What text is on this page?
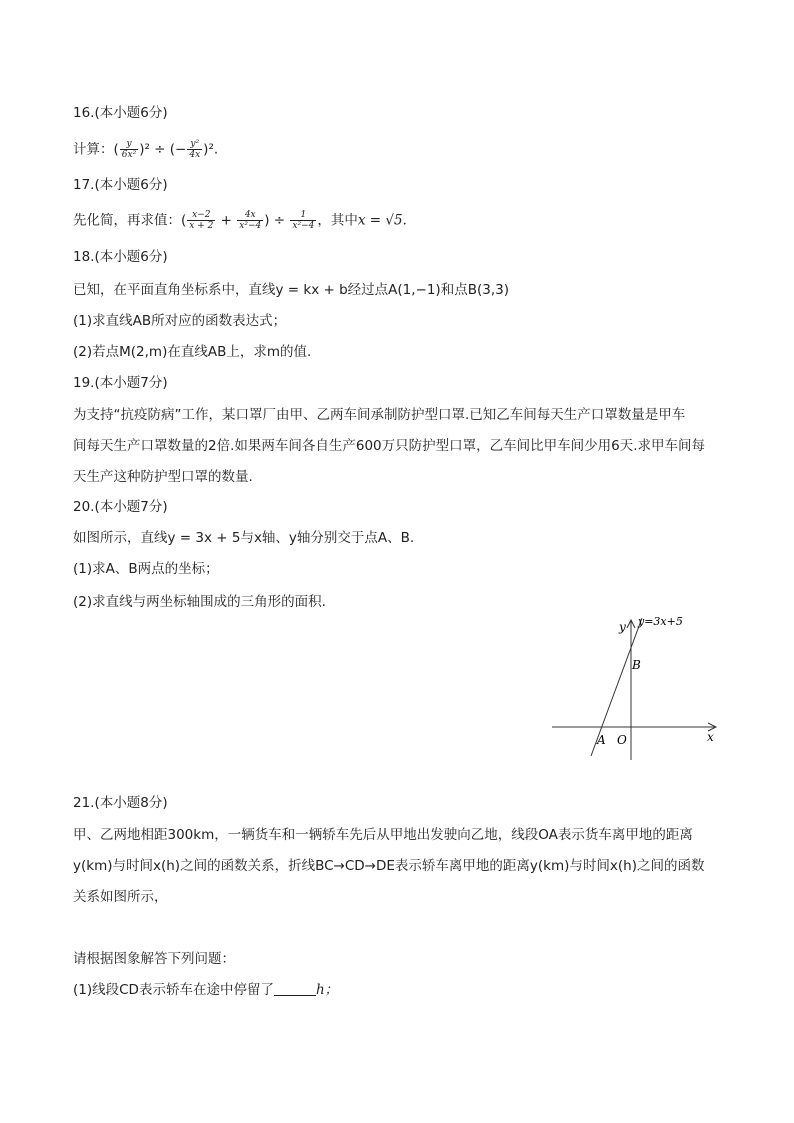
16.(本小题6分)
计算：( $\frac{y}{\text{6x²}} )^2$ ÷ (− $\frac{\text{y²}}{4x} )^2$.
17.(本小题6分)
先化简，再求值：( $\frac{x-2}{x + 2} + \frac{4x}{\text{x²−4}}$ ) ÷ $\frac{1}{\text{x²−4}}$ ，其中x = √5.
18.(本小题6分)
已知，在平面直角坐标系中，直线y = kx + b经过点A(1,−1)和点B(3,3)
(1)求直线AB所对应的函数表达式；
(2)若点M(2,m)在直线AB上，求m的值.
19.(本小题7分)
为支持“抗疫防病”工作，某口罩厂由甲、乙两车间承制防护型口罩.已知乙车间每天生产口罩数量是甲车
间每天生产口罩数量的2倍.如果两车间各自生产600万只防护型口罩，乙车间比甲车间少用6天.求甲车间每
天生产这种防护型口罩的数量.
20.(本小题7分)
如图所示，直线y = 3x + 5与x轴、y轴分别交于点A、B.
(1)求A、B两点的坐标；
(2)求直线与两坐标轴围成的三角形的面积.
y y=3x+5
B
A O	x
21.(本小题8分)
甲、乙两地相距300km，一辆货车和一辆轿车先后从甲地出发驶向乙地，线段OA表示货车离甲地的距离
y(km)与时间x(h)之间的函数关系，折线BC→CD→DE表示轿车离甲地的距离y(km)与时间x(h)之间的函数
关系如图所示，
请根据图象解答下列问题：
(1)线段CD表示轿车在途中停留了	h；
